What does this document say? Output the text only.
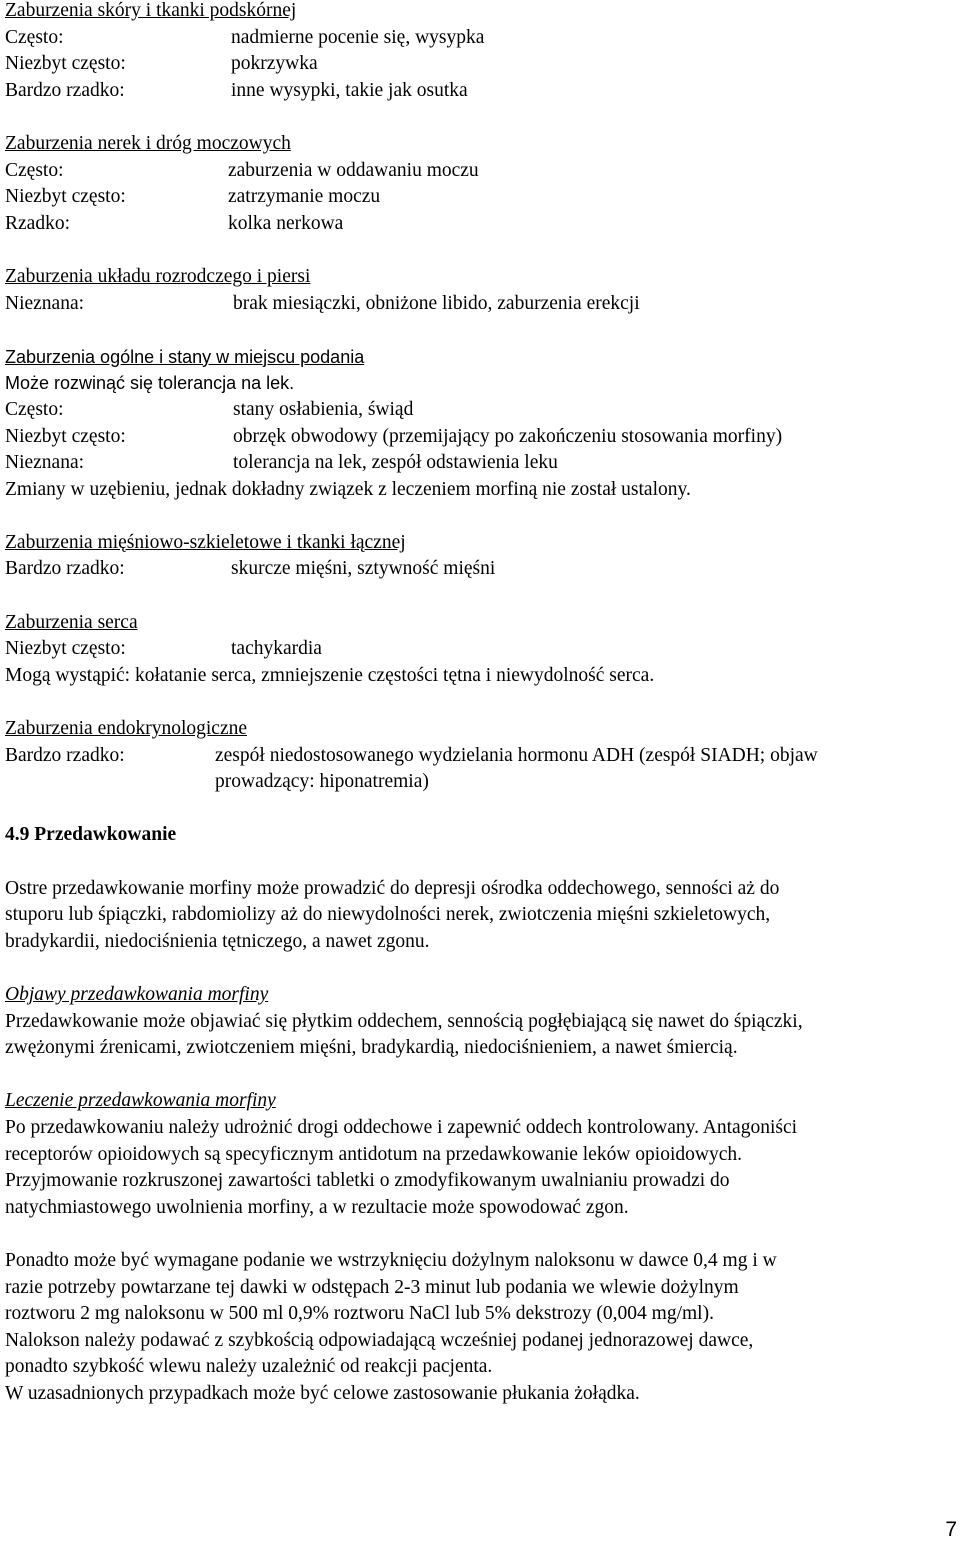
Zaburzenia skóry i tkanki podskórnej
Często:	nadmierne pocenie się, wysypka
Niezbyt często:	pokrzywka
Bardzo rzadko:	inne wysypki, takie jak osutka
Zaburzenia nerek i dróg moczowych
Często:	zaburzenia w oddawaniu moczu
Niezbyt często:	zatrzymanie moczu
Rzadko:	kolka nerkowa
Zaburzenia układu rozrodczego i piersi
Nieznana:	brak miesiączki, obniżone libido, zaburzenia erekcji
Zaburzenia ogólne i stany w miejscu podania
Może rozwinąć się tolerancja na lek.
Często:	stany osłabienia, świąd
Niezbyt często:	obrzęk obwodowy (przemijający po zakończeniu stosowania morfiny)
Nieznana:	tolerancja na lek, zespół odstawienia leku
Zmiany w uzębieniu, jednak dokładny związek z leczeniem morfiną nie został ustalony.
Zaburzenia mięśniowo-szkieletowe i tkanki łącznej
Bardzo rzadko:	skurcze mięśni, sztywność mięśni
Zaburzenia serca
Niezbyt często:	tachykardia
Mogą wystąpić: kołatanie serca, zmniejszenie częstości tętna i niewydolność serca.
Zaburzenia endokrynologiczne
Bardzo rzadko:	zespół niedostosowanego wydzielania hormonu ADH (zespół SIADH; objaw
prowadzący: hiponatremia)
4.9 Przedawkowanie
Ostre przedawkowanie morfiny może prowadzić do depresji ośrodka oddechowego, senności aż do
stuporu lub śpiączki, rabdomiolizy aż do niewydolności nerek, zwiotczenia mięśni szkieletowych,
bradykardii, niedociśnienia tętniczego, a nawet zgonu.
Objawy przedawkowania morfiny
Przedawkowanie może objawiać się płytkim oddechem, sennością pogłębiającą się nawet do śpiączki,
zwężonymi źrenicami, zwiotczeniem mięśni, bradykardią, niedociśnieniem, a nawet śmiercią.
Leczenie przedawkowania morfiny
Po przedawkowaniu należy udrożnić drogi oddechowe i zapewnić oddech kontrolowany. Antagoniści
receptorów opioidowych są specyficznym antidotum na przedawkowanie leków opioidowych.
Przyjmowanie rozkruszonej zawartości tabletki o zmodyfikowanym uwalnianiu prowadzi do
natychmiastowego uwolnienia morfiny, a w rezultacie może spowodować zgon.
Ponadto może być wymagane podanie we wstrzyknięciu dożylnym naloksonu w dawce 0,4 mg i w
razie potrzeby powtarzane tej dawki w odstępach 2-3 minut lub podania we wlewie dożylnym
roztworu 2 mg naloksonu w 500 ml 0,9% roztworu NaCl lub 5% dekstrozy (0,004 mg/ml).
Nalokson należy podawać z szybkością odpowiadającą wcześniej podanej jednorazowej dawce,
ponadto szybkość wlewu należy uzależnić od reakcji pacjenta.
W uzasadnionych przypadkach może być celowe zastosowanie płukania żołądka.
7
